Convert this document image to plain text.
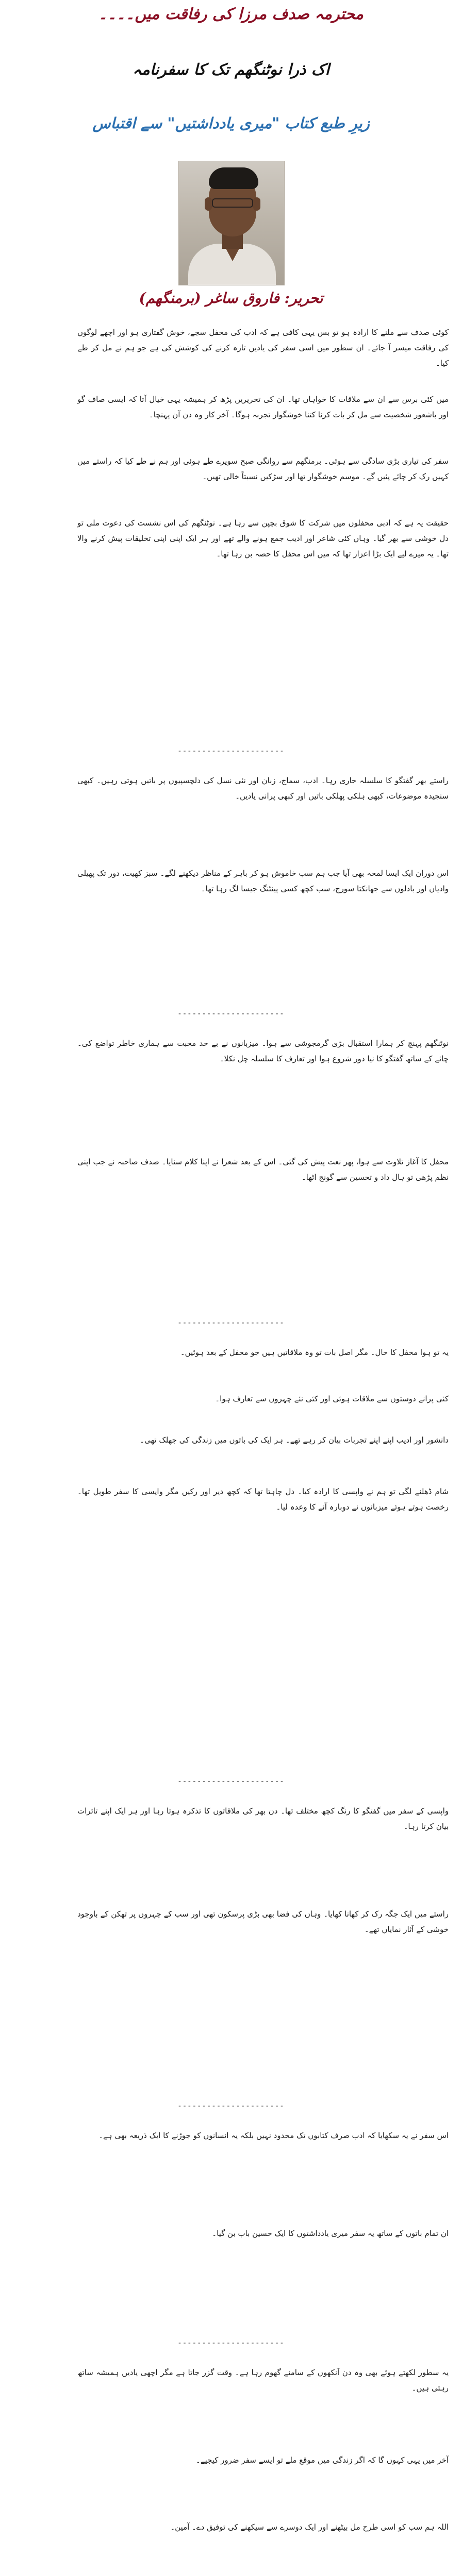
محترمہ صدف مرزا کی رفاقت میں۔۔۔۔
اک ذرا نوٹنگھم تک کا سفرنامہ
زیرِ طبع کتاب "میری یادداشتیں" سے اقتباس
تحریر: فاروق ساغر (برمنگھم)
کوئی صدف سے ملنے کا ارادہ ہو تو بس یہی کافی ہے کہ ادب کی محفل سجے، خوش گفتاری ہو اور اچھے لوگوں کی رفاقت میسر آ جائے۔ ان سطور میں اسی سفر کی یادیں تازہ کرنے کی کوشش کی ہے جو ہم نے مل کر طے کیا۔
میں کئی برس سے ان سے ملاقات کا خواہاں تھا۔ ان کی تحریریں پڑھ کر ہمیشہ یہی خیال آتا کہ ایسی صاف گو اور باشعور شخصیت سے مل کر بات کرنا کتنا خوشگوار تجربہ ہوگا۔ آخر کار وہ دن آن پہنچا۔
سفر کی تیاری بڑی سادگی سے ہوئی۔ برمنگھم سے روانگی صبح سویرے طے ہوئی اور ہم نے طے کیا کہ راستے میں کہیں رک کر چائے پئیں گے۔ موسم خوشگوار تھا اور سڑکیں نسبتاً خالی تھیں۔
حقیقت یہ ہے کہ ادبی محفلوں میں شرکت کا شوق بچپن سے رہا ہے۔ نوٹنگھم کی اس نشست کی دعوت ملی تو دل خوشی سے بھر گیا۔ وہاں کئی شاعر اور ادیب جمع ہونے والے تھے اور ہر ایک اپنی اپنی تخلیقات پیش کرنے والا تھا۔ یہ میرے لیے ایک بڑا اعزاز تھا کہ میں اس محفل کا حصہ بن رہا تھا۔
----------------------
راستے بھر گفتگو کا سلسلہ جاری رہا۔ ادب، سماج، زبان اور نئی نسل کی دلچسپیوں پر باتیں ہوتی رہیں۔ کبھی سنجیدہ موضوعات، کبھی ہلکی پھلکی باتیں اور کبھی پرانی یادیں۔
اس دوران ایک ایسا لمحہ بھی آیا جب ہم سب خاموش ہو کر باہر کے مناظر دیکھنے لگے۔ سبز کھیت، دور تک پھیلی وادیاں اور بادلوں سے جھانکتا سورج، سب کچھ کسی پینٹنگ جیسا لگ رہا تھا۔
----------------------
نوٹنگھم پہنچ کر ہمارا استقبال بڑی گرمجوشی سے ہوا۔ میزبانوں نے بے حد محبت سے ہماری خاطر تواضع کی۔ چائے کے ساتھ گفتگو کا نیا دور شروع ہوا اور تعارف کا سلسلہ چل نکلا۔
محفل کا آغاز تلاوت سے ہوا، پھر نعت پیش کی گئی۔ اس کے بعد شعرا نے اپنا کلام سنایا۔ صدف صاحبہ نے جب اپنی نظم پڑھی تو ہال داد و تحسین سے گونج اٹھا۔
----------------------
یہ تو ہوا محفل کا حال۔ مگر اصل بات تو وہ ملاقاتیں ہیں جو محفل کے بعد ہوئیں۔
کئی پرانے دوستوں سے ملاقات ہوئی اور کئی نئے چہروں سے تعارف ہوا۔
دانشور اور ادیب اپنے اپنے تجربات بیان کر رہے تھے۔ ہر ایک کی باتوں میں زندگی کی جھلک تھی۔
شام ڈھلنے لگی تو ہم نے واپسی کا ارادہ کیا۔ دل چاہتا تھا کہ کچھ دیر اور رکیں مگر واپسی کا سفر طویل تھا۔ رخصت ہوتے ہوئے میزبانوں نے دوبارہ آنے کا وعدہ لیا۔
----------------------
واپسی کے سفر میں گفتگو کا رنگ کچھ مختلف تھا۔ دن بھر کی ملاقاتوں کا تذکرہ ہوتا رہا اور ہر ایک اپنے تاثرات بیان کرتا رہا۔
راستے میں ایک جگہ رک کر کھانا کھایا۔ وہاں کی فضا بھی بڑی پرسکون تھی اور سب کے چہروں پر تھکن کے باوجود خوشی کے آثار نمایاں تھے۔
----------------------
اس سفر نے یہ سکھایا کہ ادب صرف کتابوں تک محدود نہیں بلکہ یہ انسانوں کو جوڑنے کا ایک ذریعہ بھی ہے۔
ان تمام باتوں کے ساتھ یہ سفر میری یادداشتوں کا ایک حسین باب بن گیا۔
----------------------
یہ سطور لکھتے ہوئے بھی وہ دن آنکھوں کے سامنے گھوم رہا ہے۔ وقت گزر جاتا ہے مگر اچھی یادیں ہمیشہ ساتھ رہتی ہیں۔
آخر میں یہی کہوں گا کہ اگر زندگی میں موقع ملے تو ایسے سفر ضرور کیجیے۔
اللہ ہم سب کو اسی طرح مل بیٹھنے اور ایک دوسرے سے سیکھنے کی توفیق دے۔ آمین۔
